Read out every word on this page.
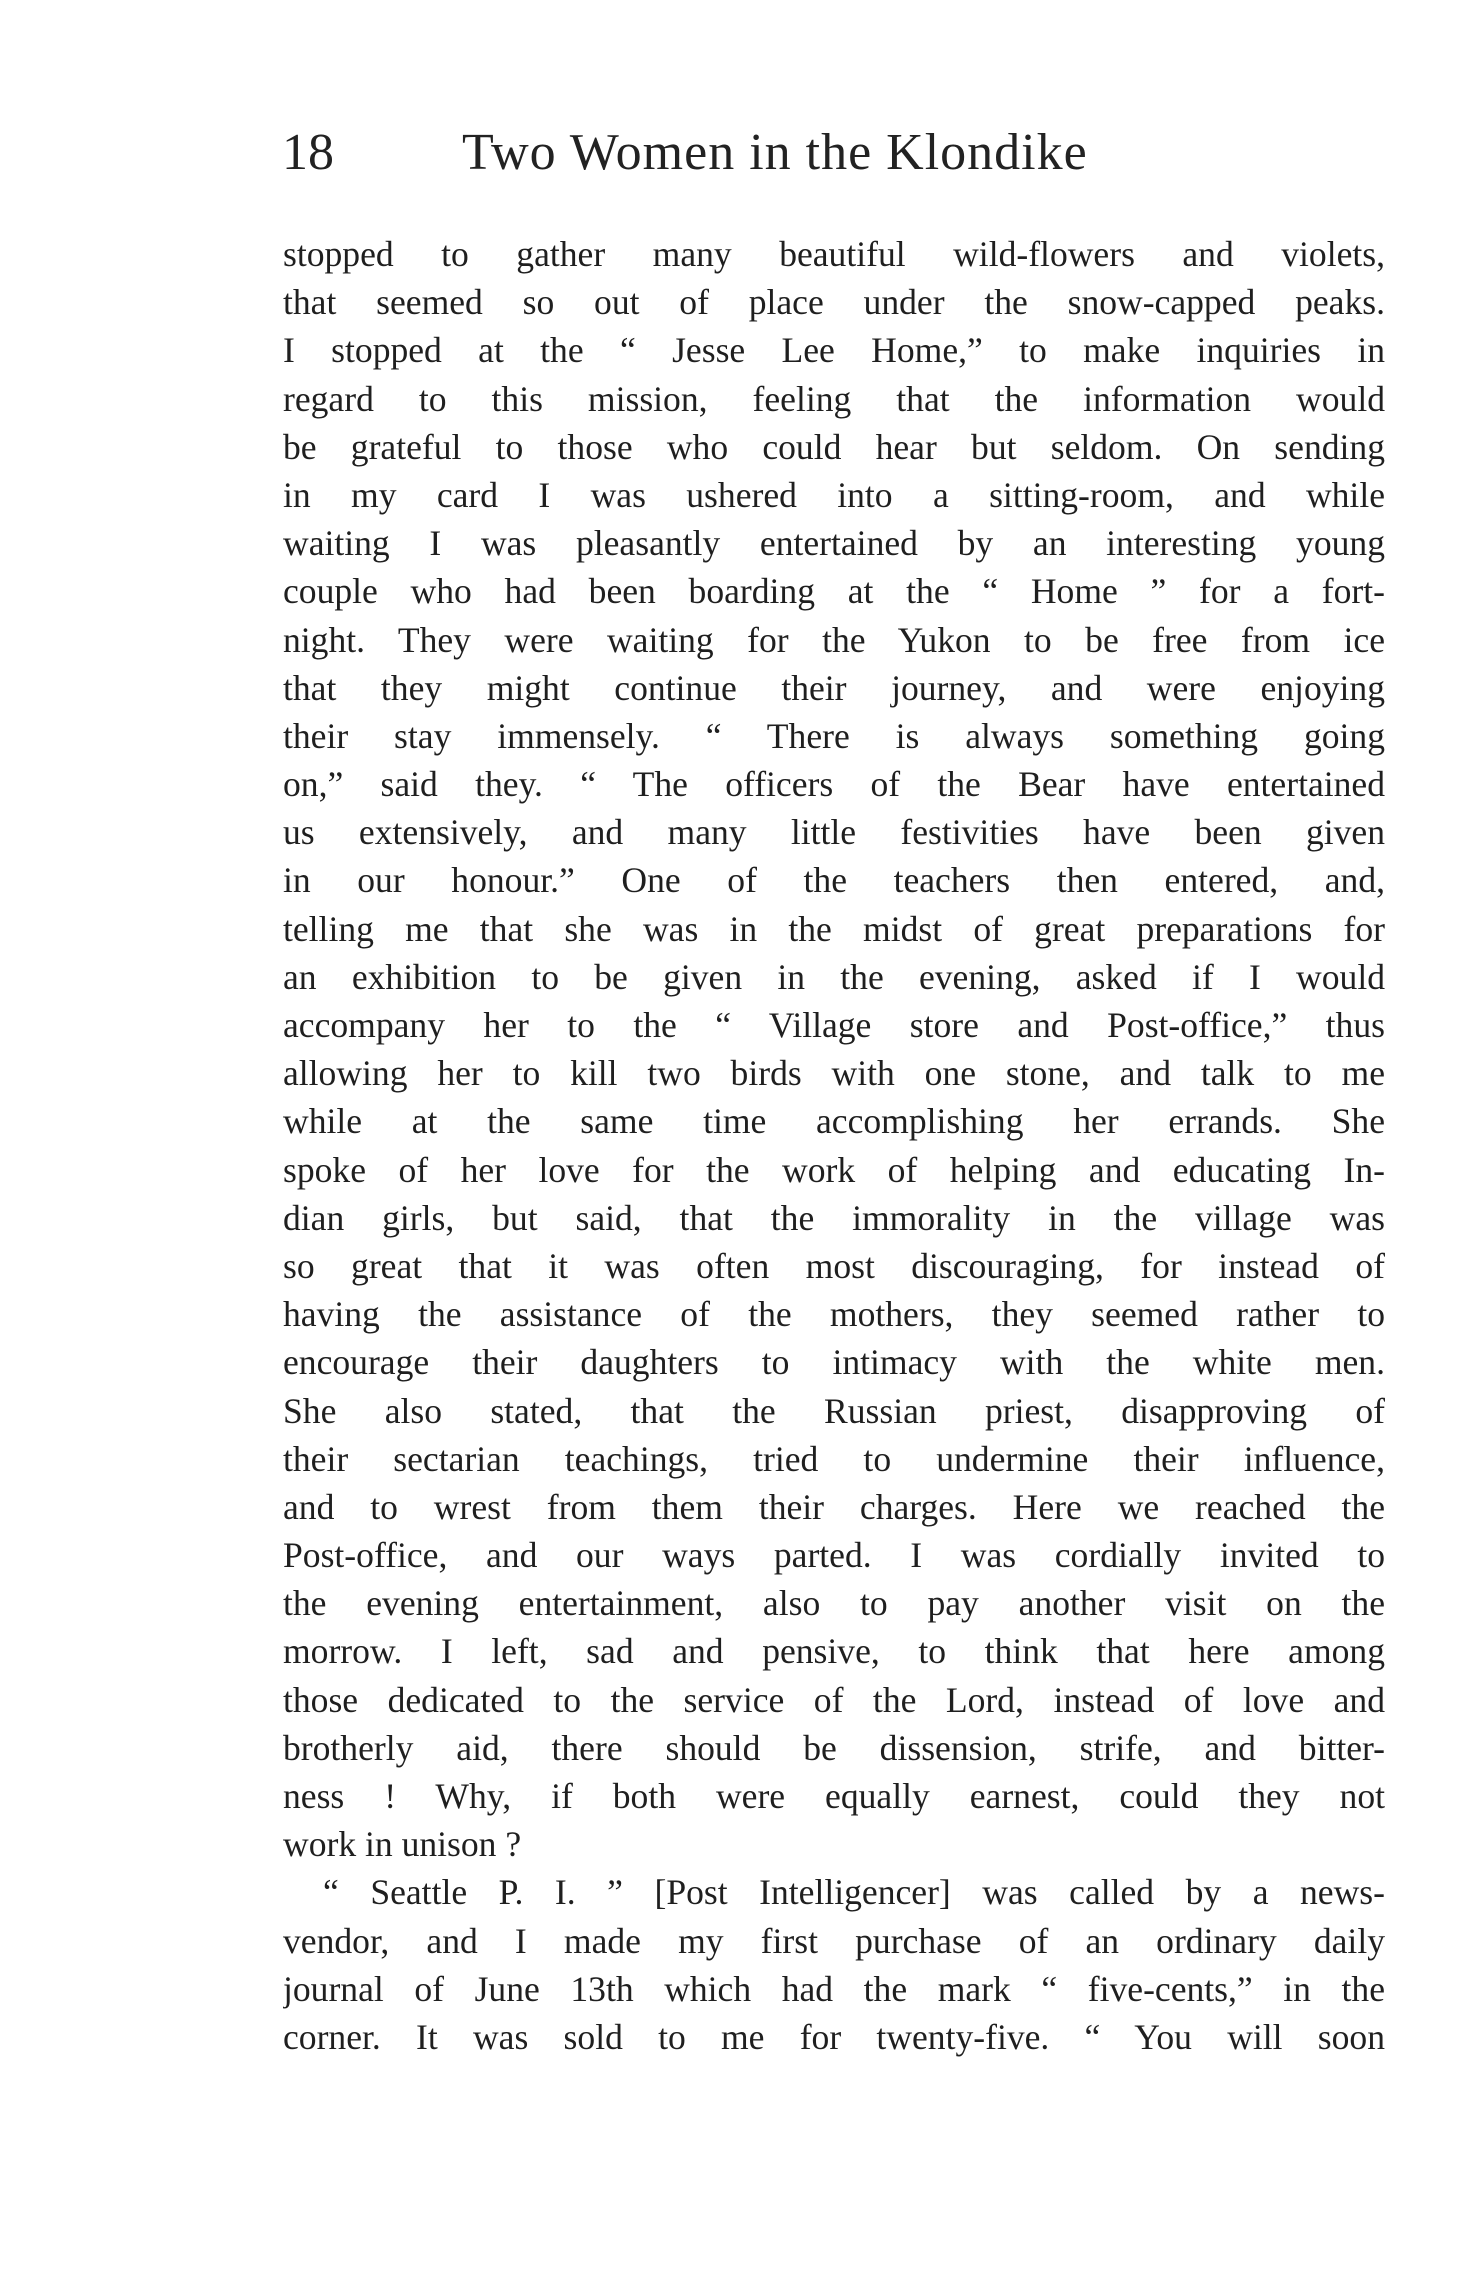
18 Two Women in the Klondike
stopped to gather many beautiful wild-flowers and violets,
that seemed so out of place under the snow-capped peaks.
I stopped at the “ Jesse Lee Home,” to make inquiries in
regard to this mission, feeling that the information would
be grateful to those who could hear but seldom. On sending
in my card I was ushered into a sitting-room, and while
waiting I was pleasantly entertained by an interesting young
couple who had been boarding at the “ Home ” for a fort-
night. They were waiting for the Yukon to be free from ice
that they might continue their journey, and were enjoying
their stay immensely. “ There is always something going
on,” said they. “ The officers of the Bear have entertained
us extensively, and many little festivities have been given
in our honour.” One of the teachers then entered, and,
telling me that she was in the midst of great preparations for
an exhibition to be given in the evening, asked if I would
accompany her to the “ Village store and Post-office,” thus
allowing her to kill two birds with one stone, and talk to me
while at the same time accomplishing her errands. She
spoke of her love for the work of helping and educating In-
dian girls, but said, that the immorality in the village was
so great that it was often most discouraging, for instead of
having the assistance of the mothers, they seemed rather to
encourage their daughters to intimacy with the white men.
She also stated, that the Russian priest, disapproving of
their sectarian teachings, tried to undermine their influence,
and to wrest from them their charges. Here we reached the
Post-office, and our ways parted. I was cordially invited to
the evening entertainment, also to pay another visit on the
morrow. I left, sad and pensive, to think that here among
those dedicated to the service of the Lord, instead of love and
brotherly aid, there should be dissension, strife, and bitter-
ness ! Why, if both were equally earnest, could they not
work in unison ?
“ Seattle P. I. ” [Post Intelligencer] was called by a news-
vendor, and I made my first purchase of an ordinary daily
journal of June 13th which had the mark “ five-cents,” in the
corner. It was sold to me for twenty-five. “ You will soon
